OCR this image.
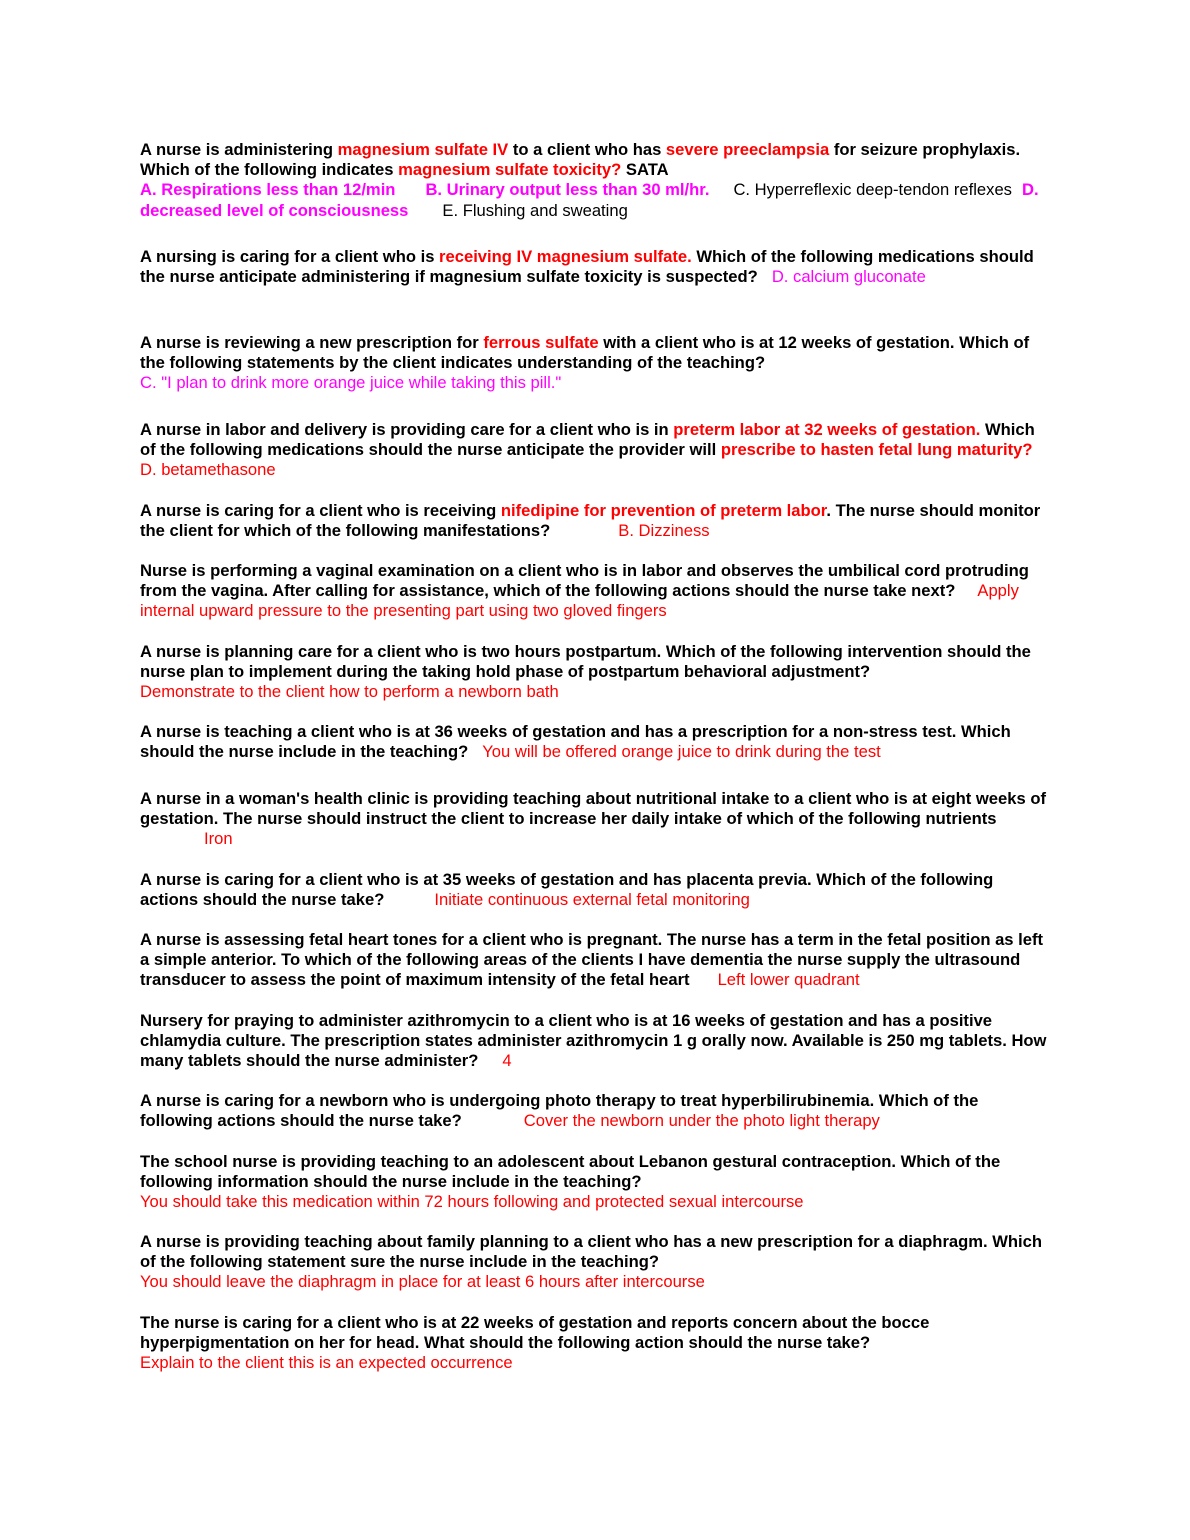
A nurse is administering magnesium sulfate IV to a client who has severe preeclampsia for seizure prophylaxis. Which of the following indicates magnesium sulfate toxicity? SATA
A. Respirations less than 12/min B. Urinary output less than 30 ml/hr. C. Hyperreflexic deep-tendon reflexes D. decreased level of consciousness E. Flushing and sweating

A nursing is caring for a client who is receiving IV magnesium sulfate. Which of the following medications should the nurse anticipate administering if magnesium sulfate toxicity is suspected? D. calcium gluconate

A nurse is reviewing a new prescription for ferrous sulfate with a client who is at 12 weeks of gestation. Which of the following statements by the client indicates understanding of the teaching?
C. "I plan to drink more orange juice while taking this pill."

A nurse in labor and delivery is providing care for a client who is in preterm labor at 32 weeks of gestation. Which of the following medications should the nurse anticipate the provider will prescribe to hasten fetal lung maturity?D. betamethasone

A nurse is caring for a client who is receiving nifedipine for prevention of preterm labor. The nurse should monitor the client for which of the following manifestations?	B. Dizziness

Nurse is performing a vaginal examination on a client who is in labor and observes the umbilical cord protruding from the vagina. After calling for assistance, which of the following actions should the nurse take next? Apply internal upward pressure to the presenting part using two gloved fingers

A nurse is planning care for a client who is two hours postpartum. Which of the following intervention should the nurse plan to implement during the taking hold phase of postpartum behavioral adjustment?
Demonstrate to the client how to perform a newborn bath

A nurse is teaching a client who is at 36 weeks of gestation and has a prescription for a non-stress test. Which should the nurse include in the teaching? You will be offered orange juice to drink during the test

A nurse in a woman's health clinic is providing teaching about nutritional intake to a client who is at eight weeks of gestation. The nurse should instruct the client to increase her daily intake of which of the following nutrientsIron

A nurse is caring for a client who is at 35 weeks of gestation and has placenta previa. Which of the following actions should the nurse take?	Initiate continuous external fetal monitoring

A nurse is assessing fetal heart tones for a client who is pregnant. The nurse has a term in the fetal position as left a simple anterior. To which of the following areas of the clients I have dementia the nurse supply the ultrasound transducer to assess the point of maximum intensity of the fetal heart Left lower quadrant

Nursery for praying to administer azithromycin to a client who is at 16 weeks of gestation and has a positive chlamydia culture. The prescription states administer azithromycin 1 g orally now. Available is 250 mg tablets. How many tablets should the nurse administer? 4

A nurse is caring for a newborn who is undergoing photo therapy to treat hyperbilirubinemia. Which of the following actions should the nurse take?	Cover the newborn under the photo light therapy

The school nurse is providing teaching to an adolescent about Lebanon gestural contraception. Which of the following information should the nurse include in the teaching?
You should take this medication within 72 hours following and protected sexual intercourse

A nurse is providing teaching about family planning to a client who has a new prescription for a diaphragm. Which of the following statement sure the nurse include in the teaching?
You should leave the diaphragm in place for at least 6 hours after intercourse

The nurse is caring for a client who is at 22 weeks of gestation and reports concern about the bocce hyperpigmentation on her for head. What should the following action should the nurse take?
Explain to the client this is an expected occurrence
